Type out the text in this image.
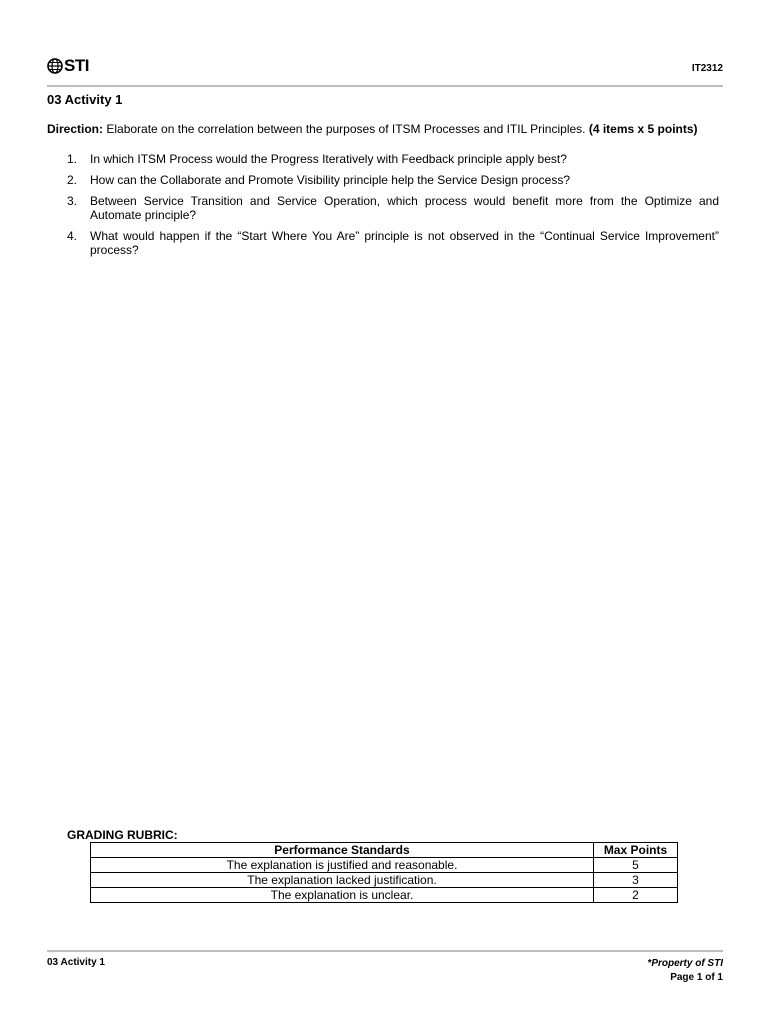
STI	IT2312
03 Activity 1
Direction: Elaborate on the correlation between the purposes of ITSM Processes and ITIL Principles. (4 items x 5 points)
1.	In which ITSM Process would the Progress Iteratively with Feedback principle apply best?
2.	How can the Collaborate and Promote Visibility principle help the Service Design process?
3.	Between Service Transition and Service Operation, which process would benefit more from the Optimize and Automate principle?
4.	What would happen if the “Start Where You Are” principle is not observed in the “Continual Service Improvement” process?
GRADING RUBRIC:
Performance Standards	Max Points
The explanation is justified and reasonable.	5
The explanation lacked justification.	3
The explanation is unclear.	2
03 Activity 1	*Property of STI
Page 1 of 1
